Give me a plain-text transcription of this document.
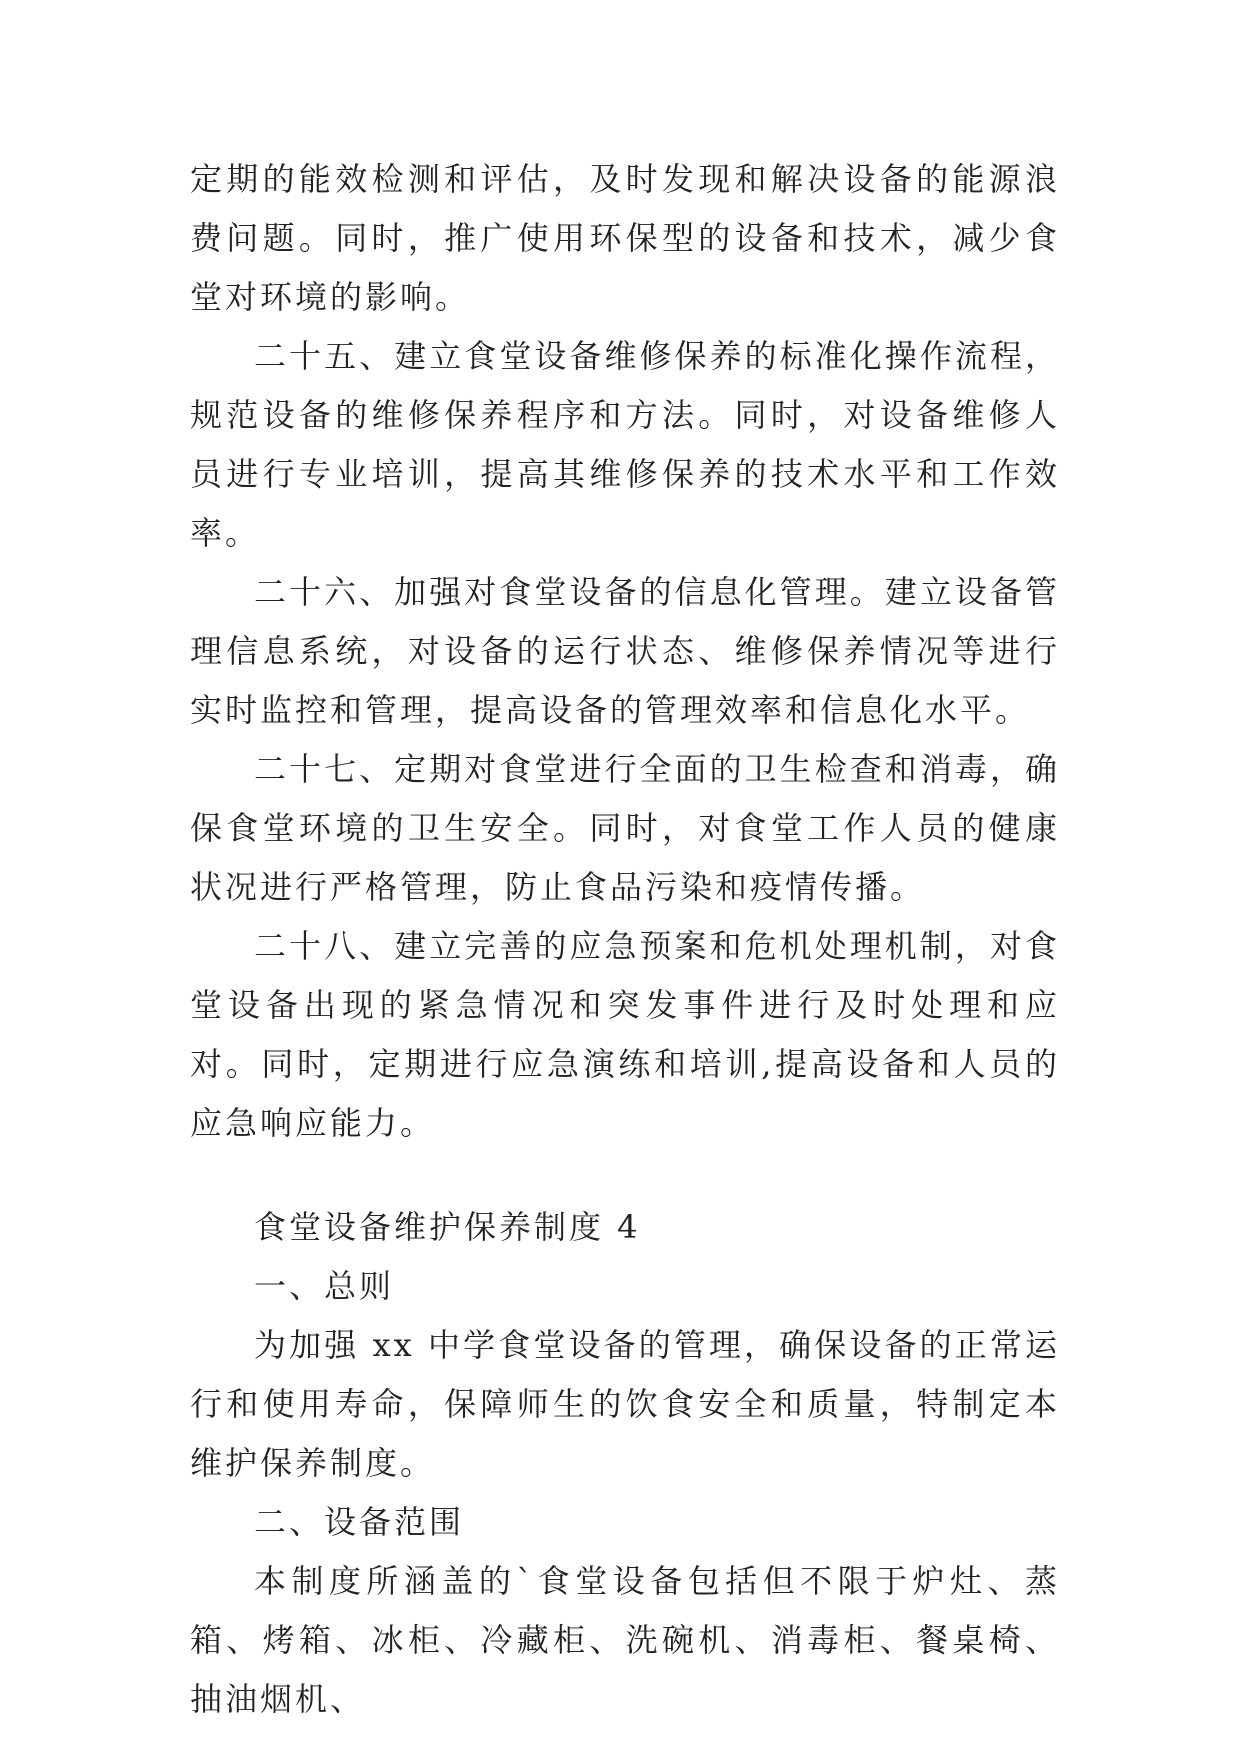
定期的能效检测和评估，及时发现和解决设备的能源浪费问题。同时，推广使用环保型的设备和技术，减少食堂对环境的影响。

二十五、建立食堂设备维修保养的标准化操作流程，规范设备的维修保养程序和方法。同时，对设备维修人员进行专业培训，提高其维修保养的技术水平和工作效率。

二十六、加强对食堂设备的信息化管理。建立设备管理信息系统，对设备的运行状态、维修保养情况等进行实时监控和管理，提高设备的管理效率和信息化水平。

二十七、定期对食堂进行全面的卫生检查和消毒，确保食堂环境的卫生安全。同时，对食堂工作人员的健康状况进行严格管理，防止食品污染和疫情传播。

二十八、建立完善的应急预案和危机处理机制，对食堂设备出现的紧急情况和突发事件进行及时处理和应对。同时，定期进行应急演练和培训,提高设备和人员的应急响应能力。

食堂设备维护保养制度 4

一、总则

为加强 xx 中学食堂设备的管理，确保设备的正常运行和使用寿命，保障师生的饮食安全和质量，特制定本维护保养制度。

二、设备范围

本制度所涵盖的`食堂设备包括但不限于炉灶、蒸箱、烤箱、冰柜、冷藏柜、洗碗机、消毒柜、餐桌椅、抽油烟机、
